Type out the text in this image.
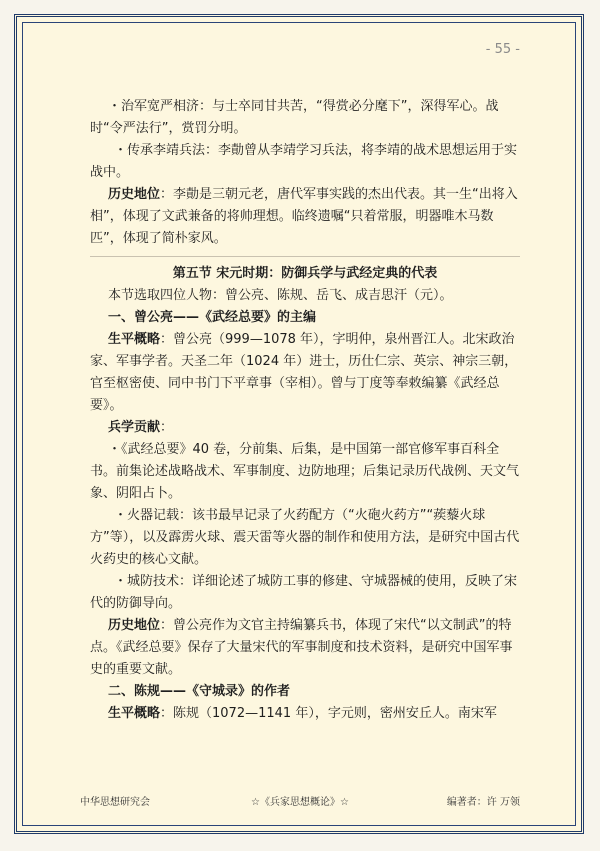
- 55 -

・治军宽严相济：与士卒同甘共苦，“得赏必分麾下”，深得军心。战时“令严法行”，赏罚分明。

・传承李靖兵法：李勣曾从李靖学习兵法，将李靖的战术思想运用于实战中。

历史地位：李勣是三朝元老，唐代军事实践的杰出代表。其一生“出将入相”，体现了文武兼备的将帅理想。临终遗嘱“只着常服，明器唯木马数匹”，体现了简朴家风。

第五节 宋元时期：防御兵学与武经定典的代表

本节选取四位人物：曾公亮、陈规、岳飞、成吉思汗（元）。

一、曾公亮——《武经总要》的主编

生平概略：曾公亮（999—1078 年），字明仲，泉州晋江人。北宋政治家、军事学者。天圣二年（1024 年）进士，历仕仁宗、英宗、神宗三朝，官至枢密使、同中书门下平章事（宰相）。曾与丁度等奉敕编纂《武经总要》。

兵学贡献：

・《武经总要》40 卷，分前集、后集，是中国第一部官修军事百科全书。前集论述战略战术、军事制度、边防地理；后集记录历代战例、天文气象、阴阳占卜。

・火器记载：该书最早记录了火药配方（“火砲火药方”“蒺藜火球方”等），以及霹雳火球、震天雷等火器的制作和使用方法，是研究中国古代火药史的核心文献。

・城防技术：详细论述了城防工事的修建、守城器械的使用，反映了宋代的防御导向。

历史地位：曾公亮作为文官主持编纂兵书，体现了宋代“以文制武”的特点。《武经总要》保存了大量宋代的军事制度和技术资料，是研究中国军事史的重要文献。

二、陈规——《守城录》的作者

生平概略：陈规（1072—1141 年），字元则，密州安丘人。南宋军

中华思想研究会	☆《兵家思想概论》☆	编著者：许 万领
